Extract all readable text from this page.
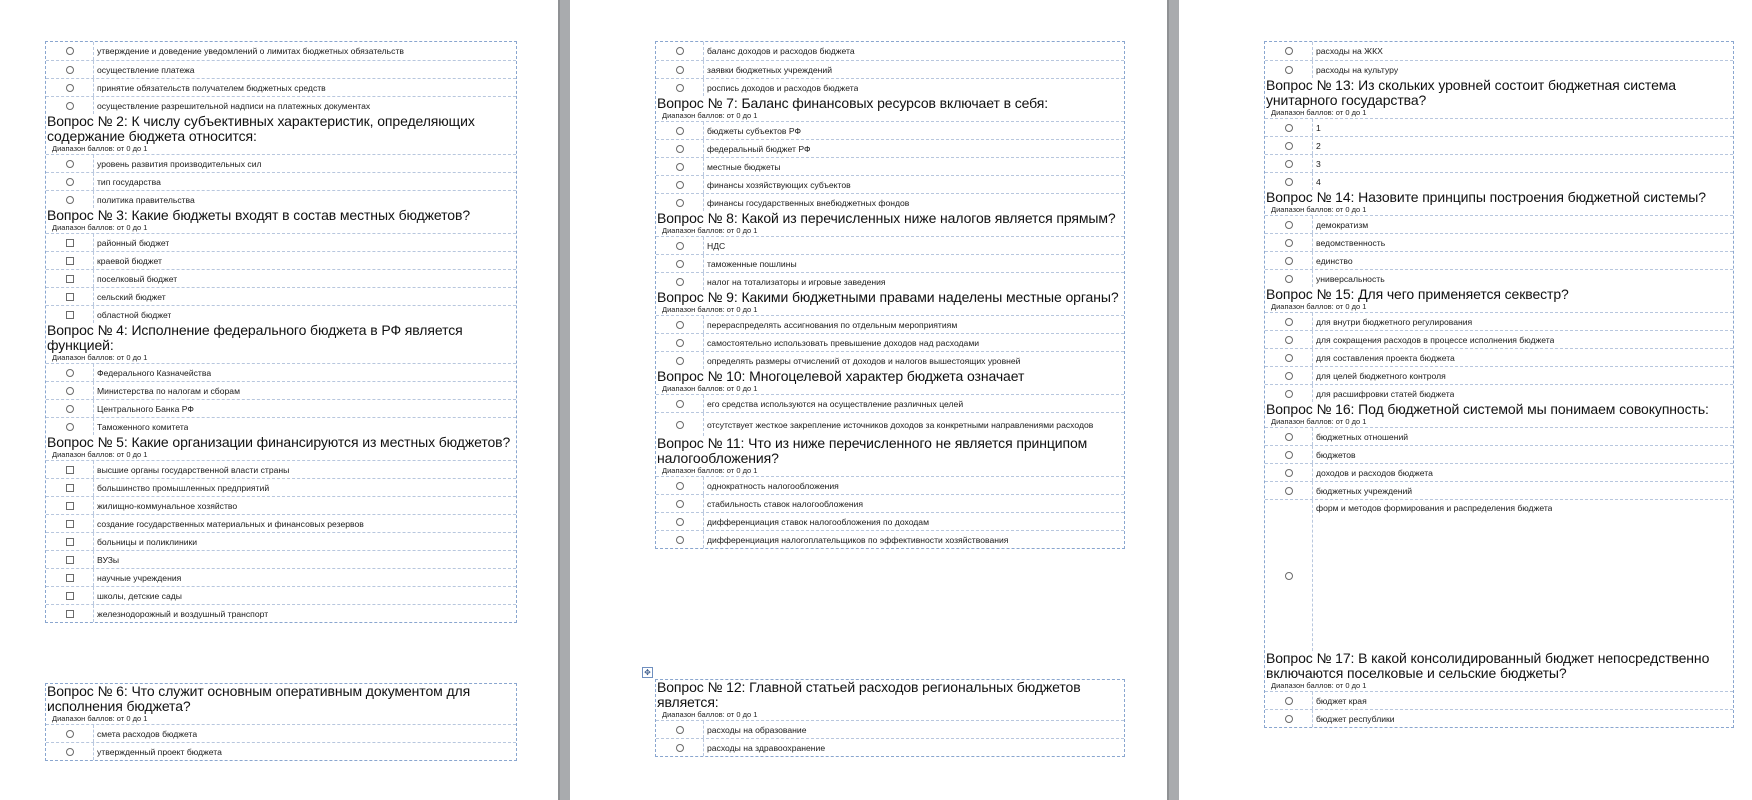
утверждение и доведение уведомлений о лимитах бюджетных обязательств
осуществление платежа
принятие обязательств получателем бюджетных средств
осуществление разрешительной надписи на платежных документах
Вопрос № 2: К числу субъективных характеристик, определяющих содержание бюджета относится:
Диапазон баллов: от 0 до 1
уровень развития производительных сил
тип государства
политика правительства
Вопрос № 3: Какие бюджеты входят в состав местных бюджетов?
Диапазон баллов: от 0 до 1
районный бюджет
краевой бюджет
поселковый бюджет
сельский бюджет
областной бюджет
Вопрос № 4: Исполнение федерального бюджета в РФ является функцией:
Диапазон баллов: от 0 до 1
Федерального Казначейства
Министерства по налогам и сборам
Центрального Банка РФ
Таможенного комитета
Вопрос № 5: Какие организации финансируются из местных бюджетов?
Диапазон баллов: от 0 до 1
высшие органы государственной власти страны
большинство промышленных предприятий
жилищно-коммунальное хозяйство
создание государственных материальных и финансовых резервов
больницы и поликлиники
ВУЗы
научные учреждения
школы, детские сады
железнодорожный и воздушный транспорт
Вопрос № 6: Что служит основным оперативным документом для исполнения бюджета?
Диапазон баллов: от 0 до 1
смета расходов бюджета
утвержденный проект бюджета
баланс доходов и расходов бюджета
заявки бюджетных учреждений
роспись доходов и расходов бюджета
Вопрос № 7: Баланс финансовых ресурсов включает в себя:
Диапазон баллов: от 0 до 1
бюджеты субъектов РФ
федеральный бюджет РФ
местные бюджеты
финансы хозяйствующих субъектов
финансы государственных внебюджетных фондов
Вопрос № 8: Какой из перечисленных ниже налогов является прямым?
Диапазон баллов: от 0 до 1
НДС
таможенные пошлины
налог на тотализаторы и игровые заведения
Вопрос № 9: Какими бюджетными правами наделены местные органы?
Диапазон баллов: от 0 до 1
перераспределять ассигнования по отдельным мероприятиям
самостоятельно использовать превышение доходов над расходами
определять размеры отчислений от доходов и налогов вышестоящих уровней
Вопрос № 10: Многоцелевой характер бюджета означает
Диапазон баллов: от 0 до 1
его средства используются на осуществление различных целей
отсутствует жесткое закрепление источников доходов за конкретными направлениями расходов
Вопрос № 11: Что из ниже перечисленного не является принципом налогообложения?
Диапазон баллов: от 0 до 1
однократность налогообложения
стабильность ставок налогообложения
дифференциация ставок налогообложения по доходам
дифференциация налогоплательщиков по эффективности хозяйствования
✥
Вопрос № 12: Главной статьей расходов региональных бюджетов является:
Диапазон баллов: от 0 до 1
расходы на образование
расходы на здравоохранение
расходы на ЖКХ
расходы на культуру
Вопрос № 13: Из скольких уровней состоит бюджетная система унитарного государства?
Диапазон баллов: от 0 до 1
1
2
3
4
Вопрос № 14: Назовите принципы построения бюджетной системы?
Диапазон баллов: от 0 до 1
демократизм
ведомственность
единство
универсальность
Вопрос № 15: Для чего применяется секвестр?
Диапазон баллов: от 0 до 1
для внутри бюджетного регулирования
для сокращения расходов в процессе исполнения бюджета
для составления проекта бюджета
для целей бюджетного контроля
для расшифровки статей бюджета
Вопрос № 16: Под бюджетной системой мы понимаем совокупность:
Диапазон баллов: от 0 до 1
бюджетных отношений
бюджетов
доходов и расходов бюджета
бюджетных учреждений
форм и методов формирования и распределения бюджета
Вопрос № 17: В какой консолидированный бюджет непосредственно включаются поселковые и сельские бюджеты?
Диапазон баллов: от 0 до 1
бюджет края
бюджет республики
